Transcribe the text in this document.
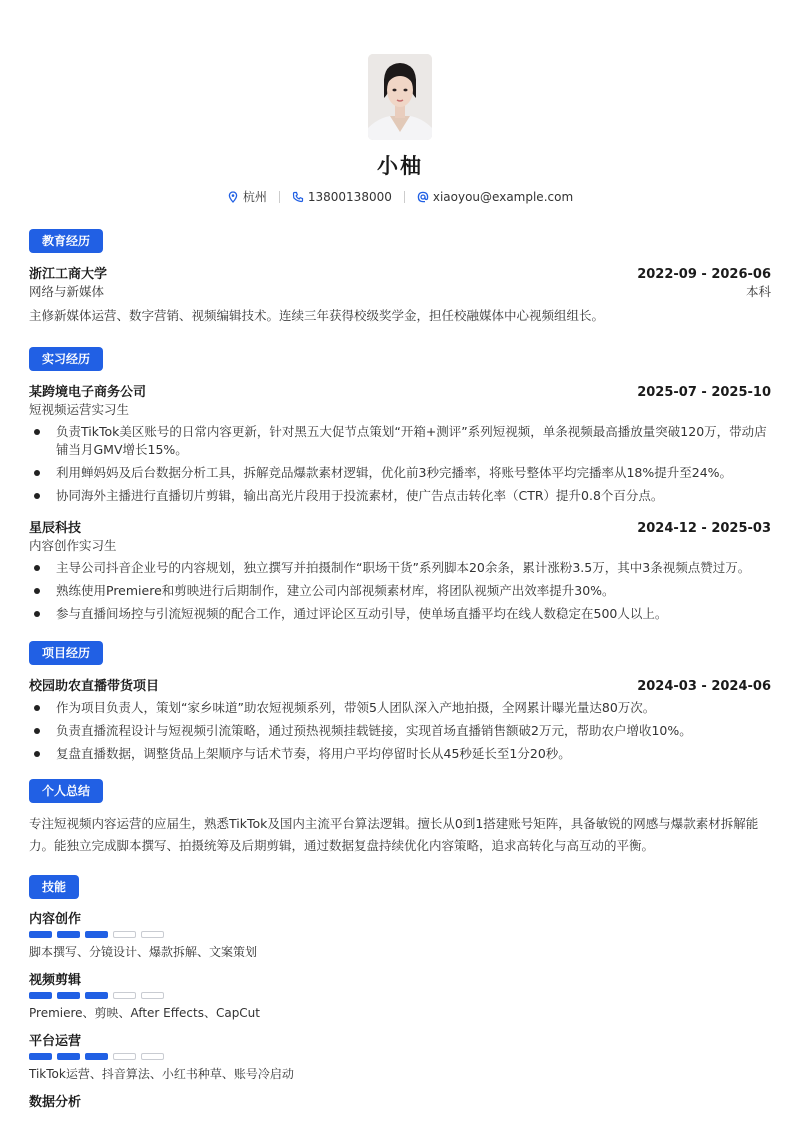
小柚
杭州	13800138000	xiaoyou@example.com
教育经历
浙江工商大学	2022-09 - 2026-06
网络与新媒体	本科
主修新媒体运营、数字营销、视频编辑技术。连续三年获得校级奖学金，担任校融媒体中心视频组组长。
实习经历
某跨境电子商务公司	2025-07 - 2025-10
短视频运营实习生
负责TikTok美区账号的日常内容更新，针对黑五大促节点策划“开箱+测评”系列短视频，单条视频最高播放量突破120万，带动店铺当月GMV增长15%。
利用蝉妈妈及后台数据分析工具，拆解竞品爆款素材逻辑，优化前3秒完播率，将账号整体平均完播率从18%提升至24%。
协同海外主播进行直播切片剪辑，输出高光片段用于投流素材，使广告点击转化率（CTR）提升0.8个百分点。
星辰科技	2024-12 - 2025-03
内容创作实习生
主导公司抖音企业号的内容规划，独立撰写并拍摄制作“职场干货”系列脚本20余条，累计涨粉3.5万，其中3条视频点赞过万。
熟练使用Premiere和剪映进行后期制作，建立公司内部视频素材库，将团队视频产出效率提升30%。
参与直播间场控与引流短视频的配合工作，通过评论区互动引导，使单场直播平均在线人数稳定在500人以上。
项目经历
校园助农直播带货项目	2024-03 - 2024-06
作为项目负责人，策划“家乡味道”助农短视频系列，带领5人团队深入产地拍摄，全网累计曝光量达80万次。
负责直播流程设计与短视频引流策略，通过预热视频挂载链接，实现首场直播销售额破2万元，帮助农户增收10%。
复盘直播数据，调整货品上架顺序与话术节奏，将用户平均停留时长从45秒延长至1分20秒。
个人总结
专注短视频内容运营的应届生，熟悉TikTok及国内主流平台算法逻辑。擅长从0到1搭建账号矩阵，具备敏锐的网感与爆款素材拆解能力。能独立完成脚本撰写、拍摄统筹及后期剪辑，通过数据复盘持续优化内容策略，追求高转化与高互动的平衡。
技能
内容创作
脚本撰写、分镜设计、爆款拆解、文案策划
视频剪辑
Premiere、剪映、After Effects、CapCut
平台运营
TikTok运营、抖音算法、小红书种草、账号冷启动
数据分析
